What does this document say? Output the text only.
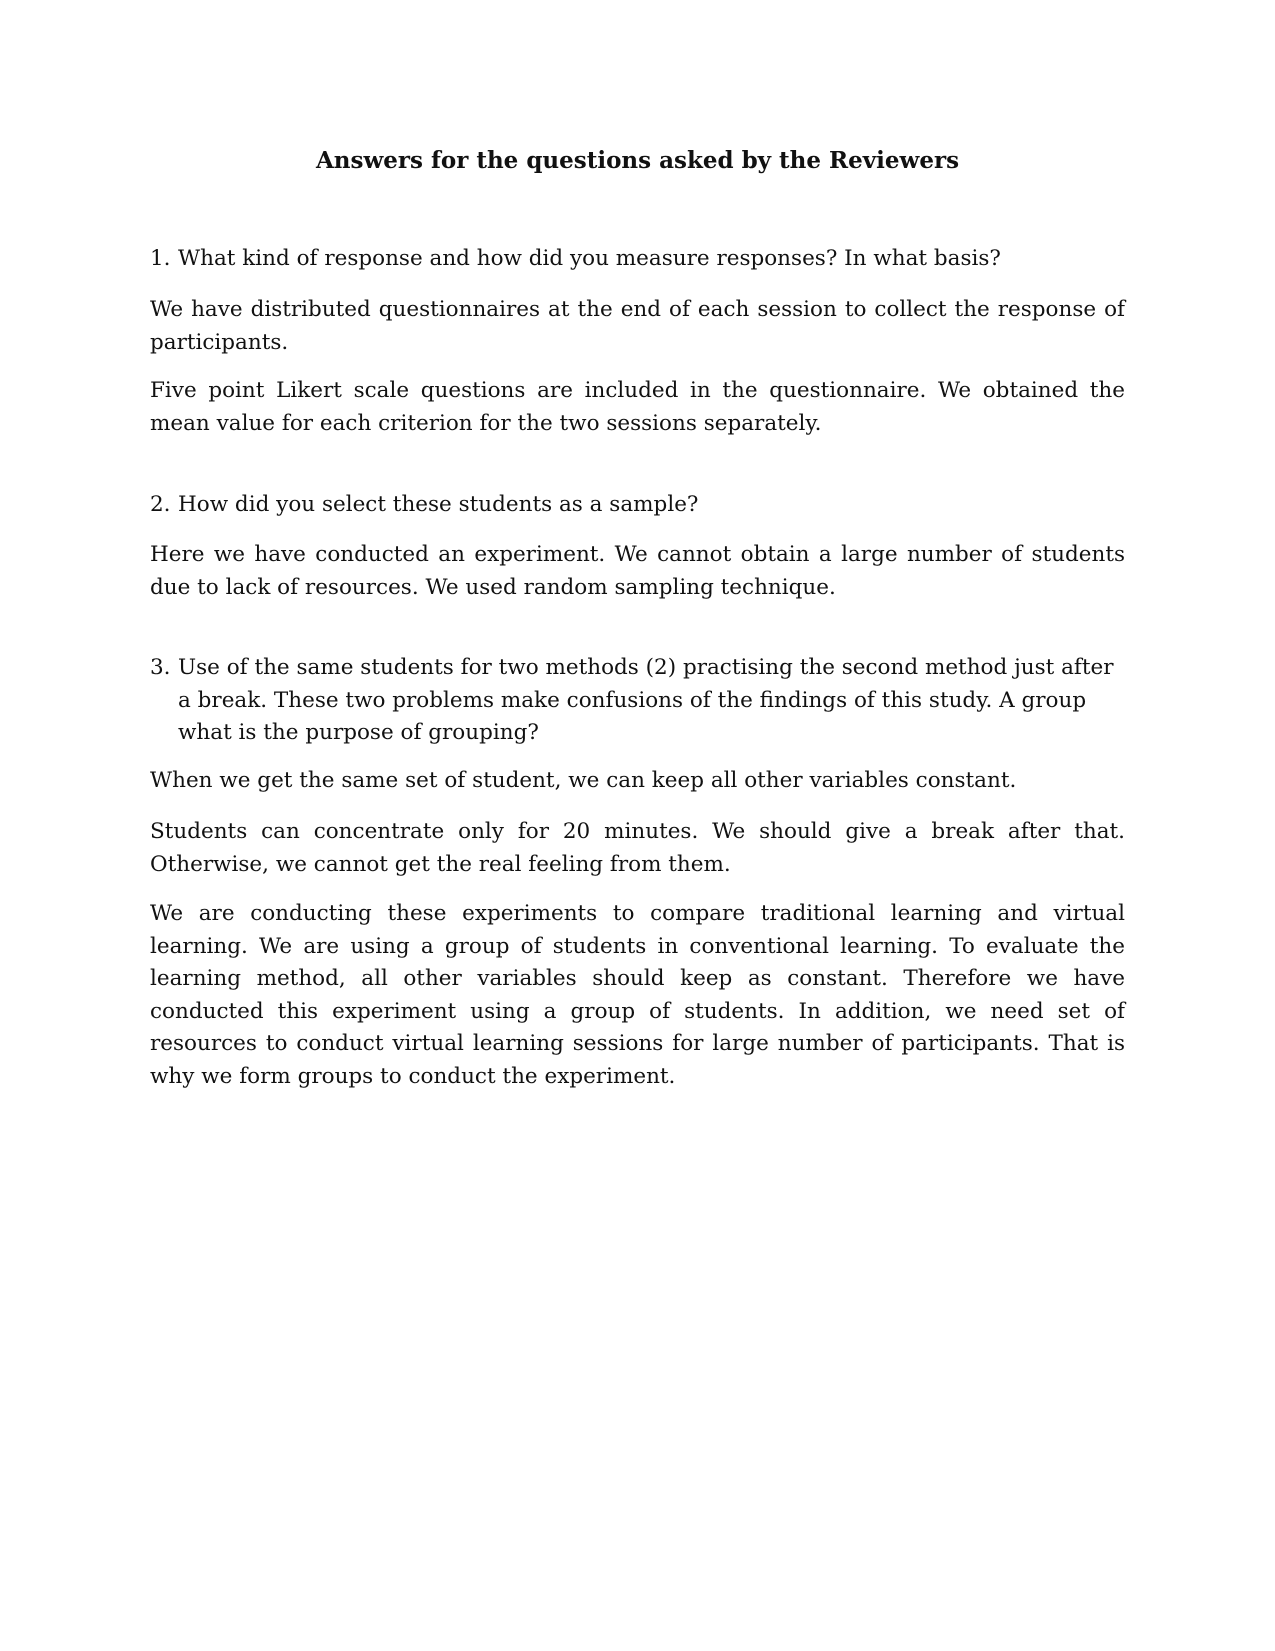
Answers for the questions asked by the Reviewers
1. What kind of response and how did you measure responses? In what basis?

We have distributed questionnaires at the end of each session to collect the response of participants.

Five point Likert scale questions are included in the questionnaire. We obtained the mean value for each criterion for the two sessions separately.

2. How did you select these students as a sample?

Here we have conducted an experiment. We cannot obtain a large number of students due to lack of resources. We used random sampling technique.

3. Use of the same students for two methods (2) practising the second method just after a break. These two problems make confusions of the findings of this study. A group what is the purpose of grouping?

When we get the same set of student, we can keep all other variables constant.

Students can concentrate only for 20 minutes. We should give a break after that. Otherwise, we cannot get the real feeling from them.

We are conducting these experiments to compare traditional learning and virtual learning. We are using a group of students in conventional learning. To evaluate the learning method, all other variables should keep as constant. Therefore we have conducted this experiment using a group of students. In addition, we need set of resources to conduct virtual learning sessions for large number of participants. That is why we form groups to conduct the experiment.
